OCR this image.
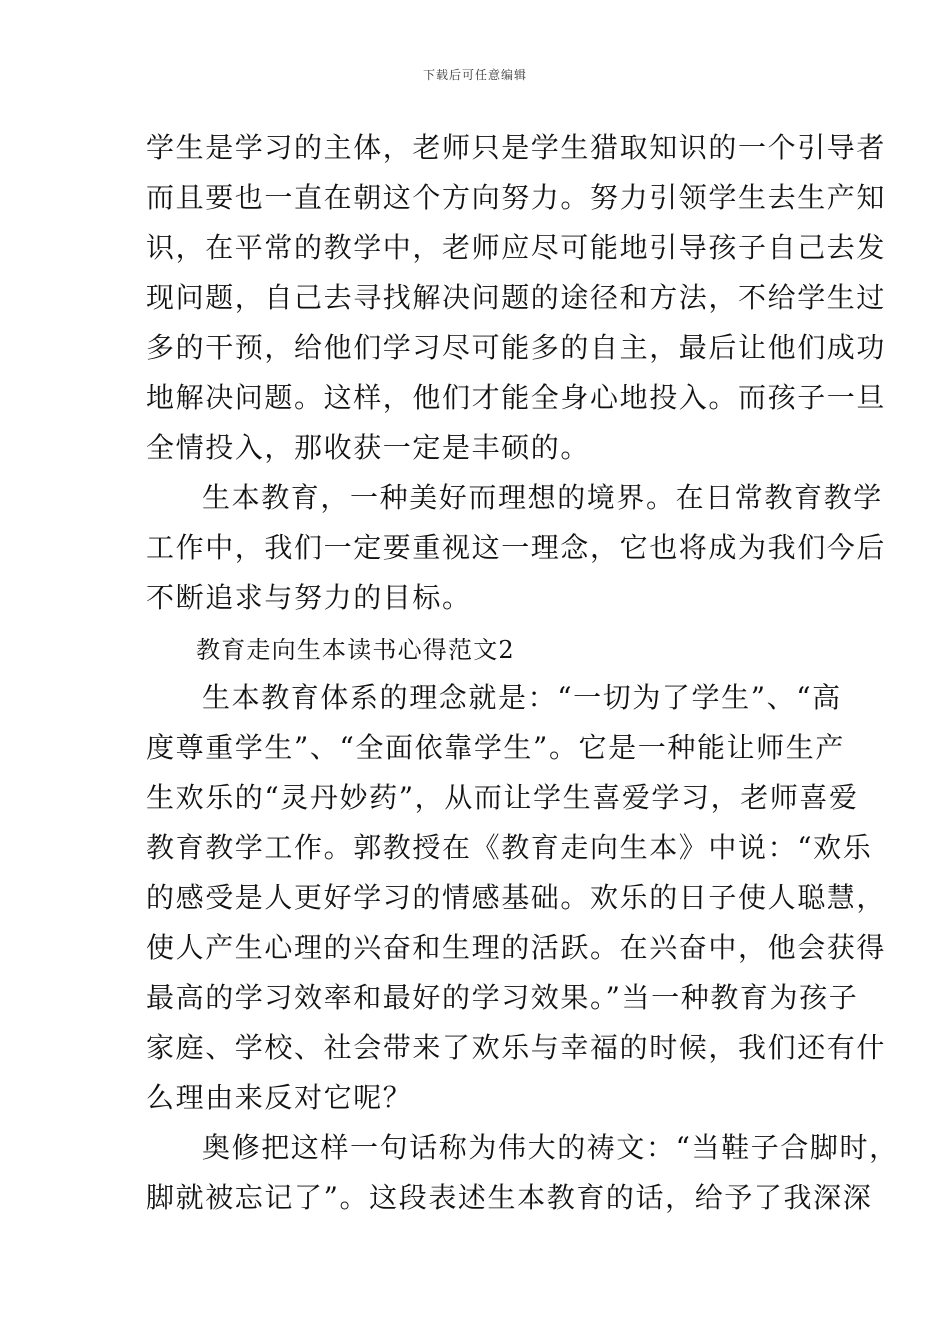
下载后可任意编辑
学生是学习的主体，老师只是学生猎取知识的一个引导者
而且要也一直在朝这个方向努力。努力引领学生去生产知
识，在平常的教学中，老师应尽可能地引导孩子自己去发
现问题，自己去寻找解决问题的途径和方法，不给学生过
多的干预，给他们学习尽可能多的自主，最后让他们成功
地解决问题。这样，他们才能全身心地投入。而孩子一旦
全情投入，那收获一定是丰硕的。
生本教育，一种美好而理想的境界。在日常教育教学
工作中，我们一定要重视这一理念，它也将成为我们今后
不断追求与努力的目标。
教育走向生本读书心得范文2
生本教育体系的理念就是：“一切为了学生”、“高
度尊重学生”、“全面依靠学生”。它是一种能让师生产
生欢乐的“灵丹妙药”，从而让学生喜爱学习，老师喜爱
教育教学工作。郭教授在《教育走向生本》中说：“欢乐
的感受是人更好学习的情感基础。欢乐的日子使人聪慧，
使人产生心理的兴奋和生理的活跃。在兴奋中，他会获得
最高的学习效率和最好的学习效果。”当一种教育为孩子
家庭、学校、社会带来了欢乐与幸福的时候，我们还有什
么理由来反对它呢？
奥修把这样一句话称为伟大的祷文：“当鞋子合脚时，
脚就被忘记了”。这段表述生本教育的话，给予了我深深
